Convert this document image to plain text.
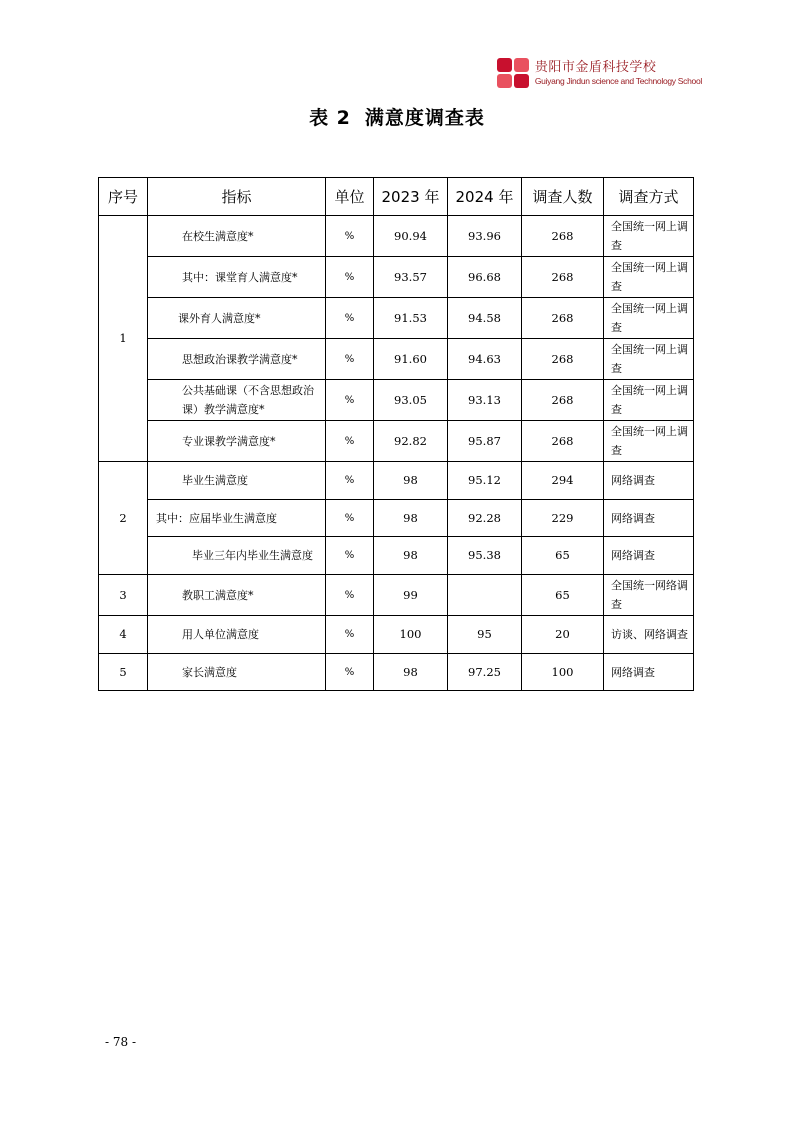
贵阳市金盾科技学校
Guiyang Jindun science and Technology School
表 2 满意度调查表
序号	指标	单位	2023 年	2024 年	调查人数	调查方式
1	在校生满意度*	%	90.94	93.96	268	全国统一网上调查
	其中：课堂育人满意度*	%	93.57	96.68	268	全国统一网上调查
	课外育人满意度*	%	91.53	94.58	268	全国统一网上调查
	思想政治课教学满意度*	%	91.60	94.63	268	全国统一网上调查
	公共基础课（不含思想政治课）教学满意度*	%	93.05	93.13	268	全国统一网上调查
	专业课教学满意度*	%	92.82	95.87	268	全国统一网上调查
2	毕业生满意度	%	98	95.12	294	网络调查
	其中：应届毕业生满意度	%	98	92.28	229	网络调查
	毕业三年内毕业生满意度	%	98	95.38	65	网络调查
3	教职工满意度*	%	99		65	全国统一网络调查
4	用人单位满意度	%	100	95	20	访谈、网络调查
5	家长满意度	%	98	97.25	100	网络调查
- 78 -
